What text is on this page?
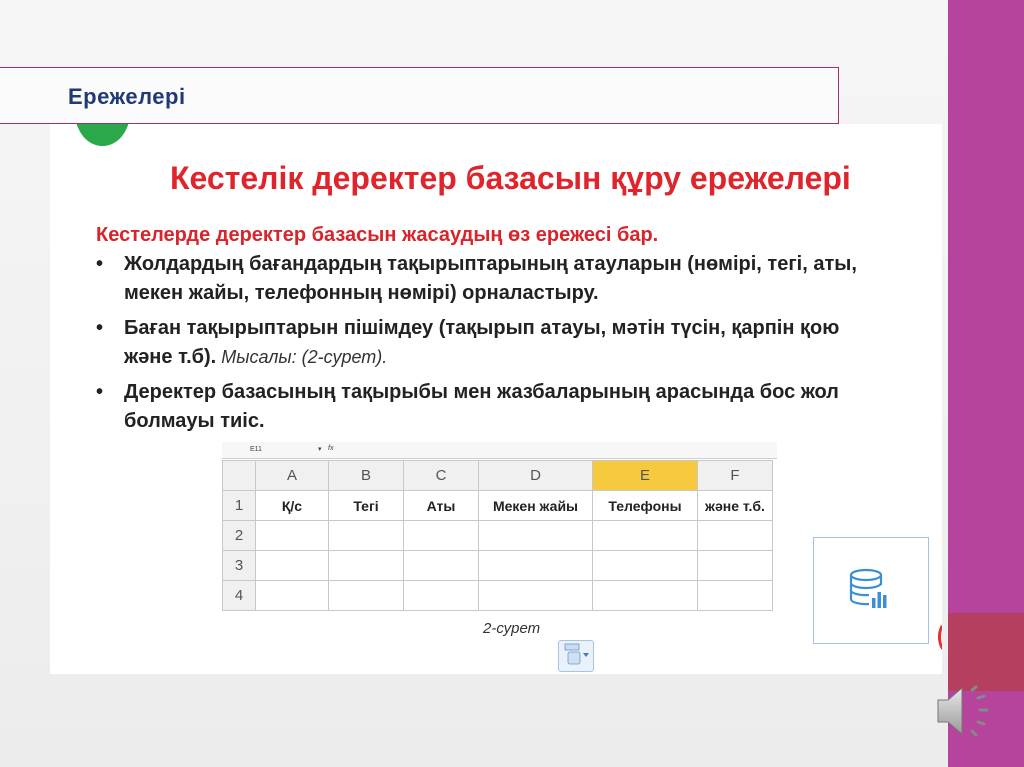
Ережелері
Кестелік деректер базасын құру ережелері
Кестелерде деректер базасын жасаудың өз ережесі бар.
• Жолдардың бағандардың тақырыптарының атауларын (нөмірі, тегі, аты,
мекен жайы, телефонның нөмірі) орналастыру.
• Баған тақырыптарын пішімдеу (тақырып атауы, мәтін түсін, қарпін қою
және т.б). Мысалы: (2-сурет).
• Деректер базасының тақырыбы мен жазбаларының арасында бос жол
болмауы тиіс.
E11	▾ fx
	A	B	C	D	E	F
1	Қ/с	Тегі	Аты	Мекен жайы	Телефоны	және т.б.
2						
3						
4						
2-сурет
